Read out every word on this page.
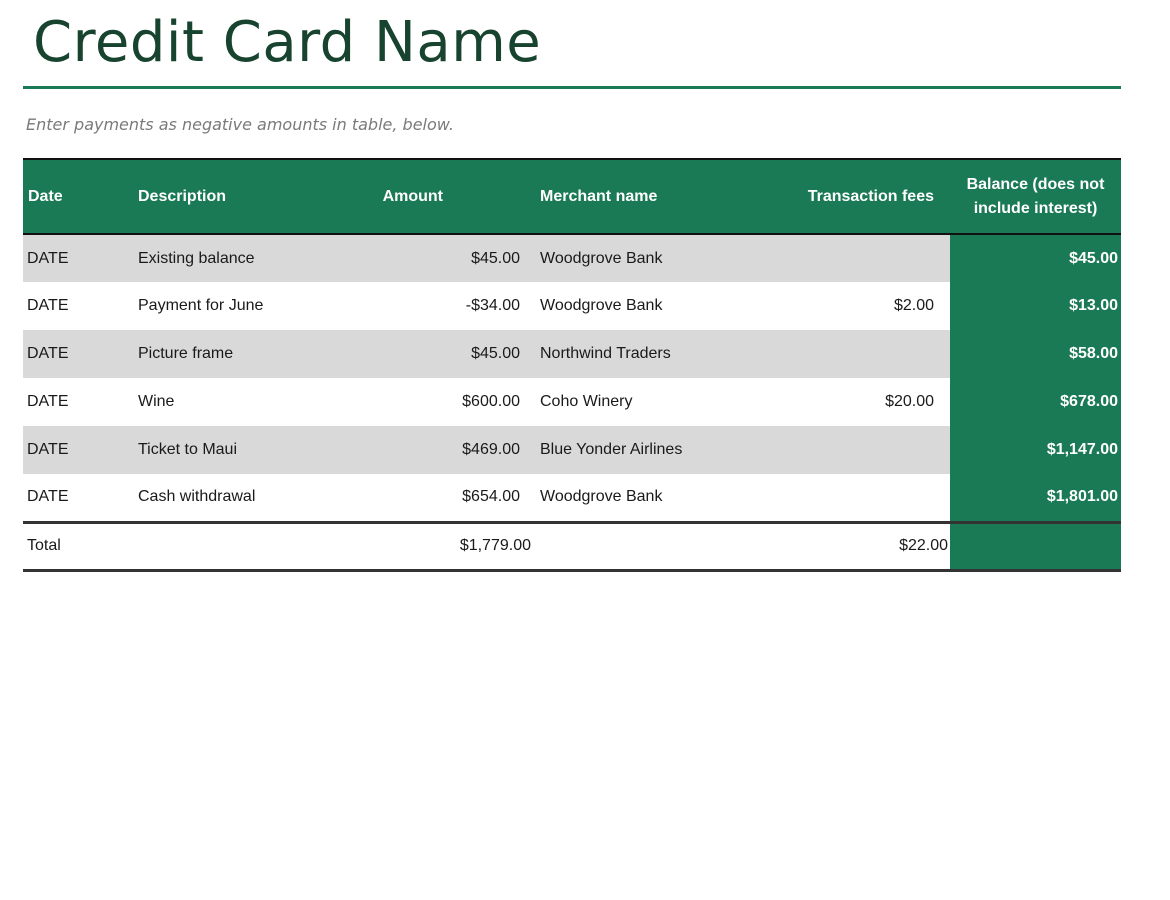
Credit Card Name
Enter payments as negative amounts in table, below.
Date	Description	Amount	Merchant name	Transaction fees	Balance (does not include interest)
DATE	Existing balance	$45.00	Woodgrove Bank		$45.00
DATE	Payment for June	-$34.00	Woodgrove Bank	$2.00	$13.00
DATE	Picture frame	$45.00	Northwind Traders		$58.00
DATE	Wine	$600.00	Coho Winery	$20.00	$678.00
DATE	Ticket to Maui	$469.00	Blue Yonder Airlines		$1,147.00
DATE	Cash withdrawal	$654.00	Woodgrove Bank		$1,801.00
Total		$1,779.00		$22.00	
